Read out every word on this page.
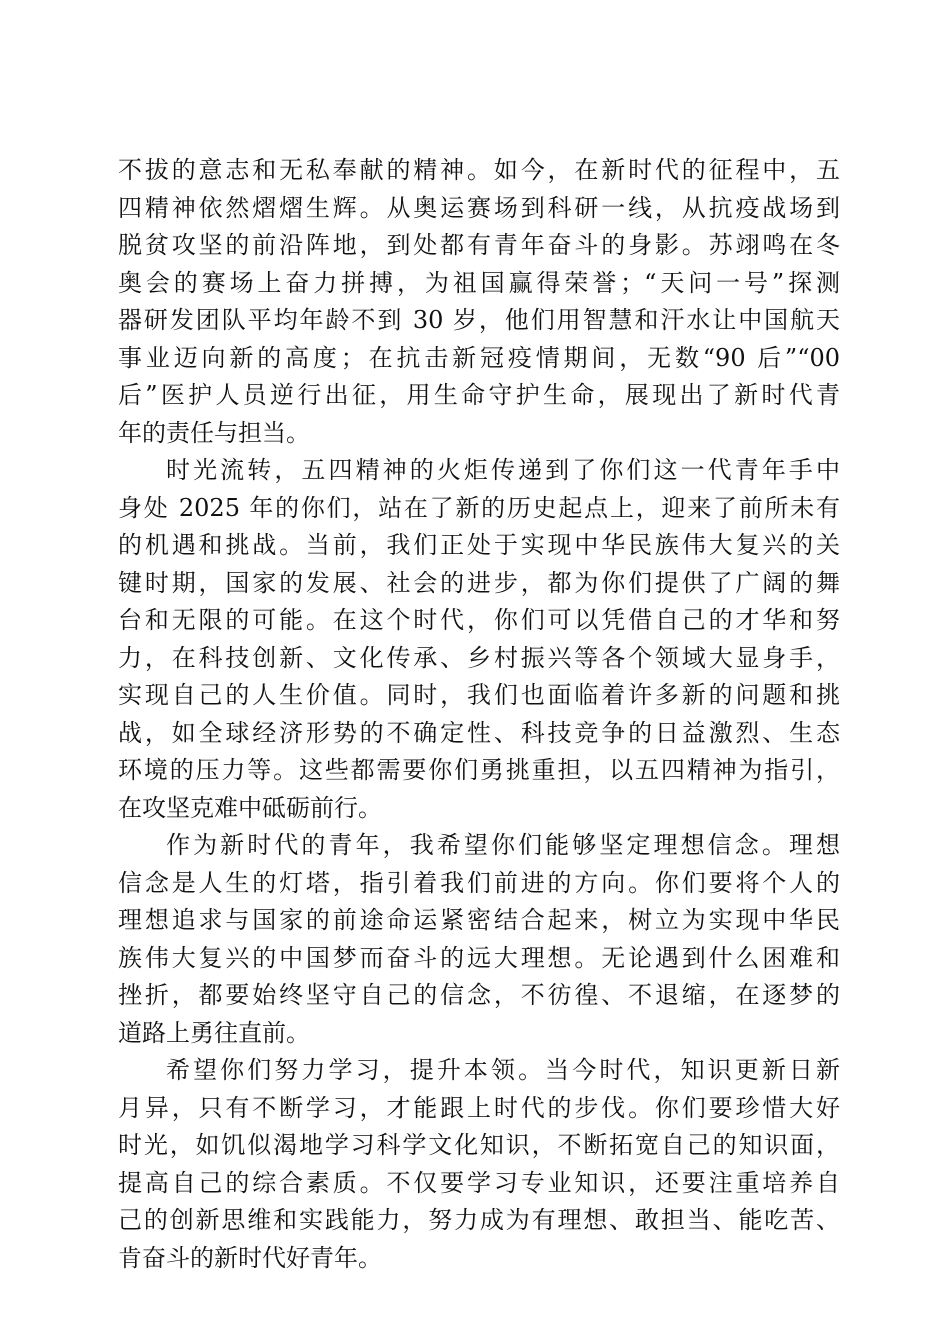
不拔的意志和无私奉献的精神。如今，在新时代的征程中，五
四精神依然熠熠生辉。从奥运赛场到科研一线，从抗疫战场到
脱贫攻坚的前沿阵地，到处都有青年奋斗的身影。苏翊鸣在冬
奥会的赛场上奋力拼搏，为祖国赢得荣誉；“天问一号”探测
器研发团队平均年龄不到 30 岁，他们用智慧和汗水让中国航天
事业迈向新的高度；在抗击新冠疫情期间，无数“90 后”“00
后”医护人员逆行出征，用生命守护生命，展现出了新时代青
年的责任与担当。
时光流转，五四精神的火炬传递到了你们这一代青年手中
身处 2025 年的你们，站在了新的历史起点上，迎来了前所未有
的机遇和挑战。当前，我们正处于实现中华民族伟大复兴的关
键时期，国家的发展、社会的进步，都为你们提供了广阔的舞
台和无限的可能。在这个时代，你们可以凭借自己的才华和努
力，在科技创新、文化传承、乡村振兴等各个领域大显身手，
实现自己的人生价值。同时，我们也面临着许多新的问题和挑
战，如全球经济形势的不确定性、科技竞争的日益激烈、生态
环境的压力等。这些都需要你们勇挑重担，以五四精神为指引，
在攻坚克难中砥砺前行。
作为新时代的青年，我希望你们能够坚定理想信念。理想
信念是人生的灯塔，指引着我们前进的方向。你们要将个人的
理想追求与国家的前途命运紧密结合起来，树立为实现中华民
族伟大复兴的中国梦而奋斗的远大理想。无论遇到什么困难和
挫折，都要始终坚守自己的信念，不彷徨、不退缩，在逐梦的
道路上勇往直前。
希望你们努力学习，提升本领。当今时代，知识更新日新
月异，只有不断学习，才能跟上时代的步伐。你们要珍惜大好
时光，如饥似渴地学习科学文化知识，不断拓宽自己的知识面，
提高自己的综合素质。不仅要学习专业知识，还要注重培养自
己的创新思维和实践能力，努力成为有理想、敢担当、能吃苦、
肯奋斗的新时代好青年。
